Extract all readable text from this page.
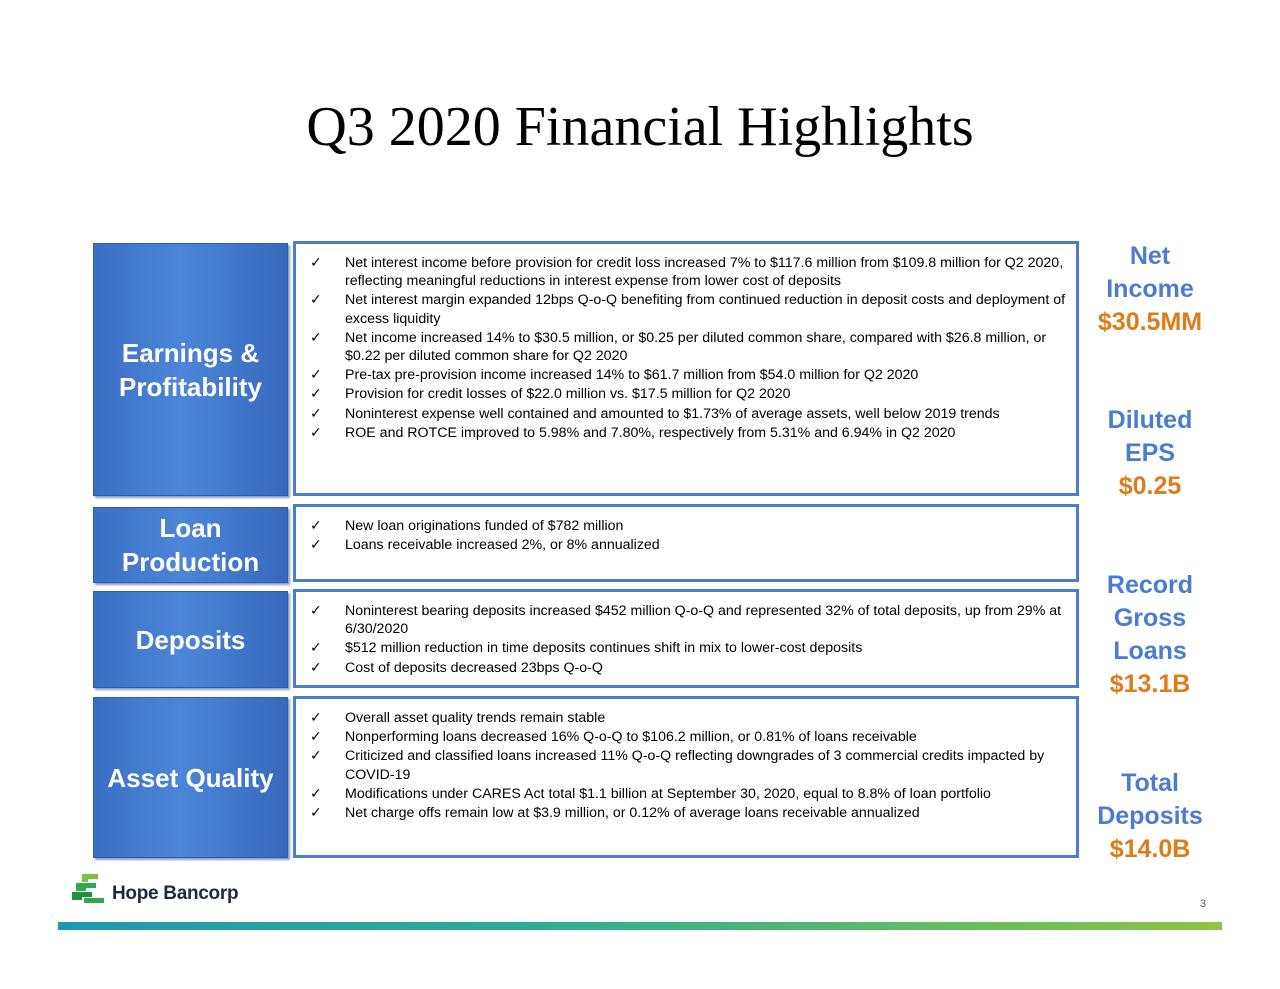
Q3 2020 Financial Highlights
Earnings &
Profitability
✓ Net interest income before provision for credit loss increased 7% to $117.6 million from $109.8 million for Q2 2020, reflecting meaningful reductions in interest expense from lower cost of deposits
✓ Net interest margin expanded 12bps Q-o-Q benefiting from continued reduction in deposit costs and deployment of excess liquidity
✓ Net income increased 14% to $30.5 million, or $0.25 per diluted common share, compared with $26.8 million, or $0.22 per diluted common share for Q2 2020
✓ Pre-tax pre-provision income increased 14% to $61.7 million from $54.0 million for Q2 2020
✓ Provision for credit losses of $22.0 million vs. $17.5 million for Q2 2020
✓ Noninterest expense well contained and amounted to $1.73% of average assets, well below 2019 trends
✓ ROE and ROTCE improved to 5.98% and 7.80%, respectively from 5.31% and 6.94% in Q2 2020
Loan
Production
✓ New loan originations funded of $782 million
✓ Loans receivable increased 2%, or 8% annualized
Deposits
✓ Noninterest bearing deposits increased $452 million Q-o-Q and represented 32% of total deposits, up from 29% at 6/30/2020
✓ $512 million reduction in time deposits continues shift in mix to lower-cost deposits
✓ Cost of deposits decreased 23bps Q-o-Q
Asset Quality
✓ Overall asset quality trends remain stable
✓ Nonperforming loans decreased 16% Q-o-Q to $106.2 million, or 0.81% of loans receivable
✓ Criticized and classified loans increased 11% Q-o-Q reflecting downgrades of 3 commercial credits impacted by COVID-19
✓ Modifications under CARES Act total $1.1 billion at September 30, 2020, equal to 8.8% of loan portfolio
✓ Net charge offs remain low at $3.9 million, or 0.12% of average loans receivable annualized
Net
Income
$30.5MM
Diluted
EPS
$0.25
Record
Gross
Loans
$13.1B
Total
Deposits
$14.0B
Hope Bancorp	3
